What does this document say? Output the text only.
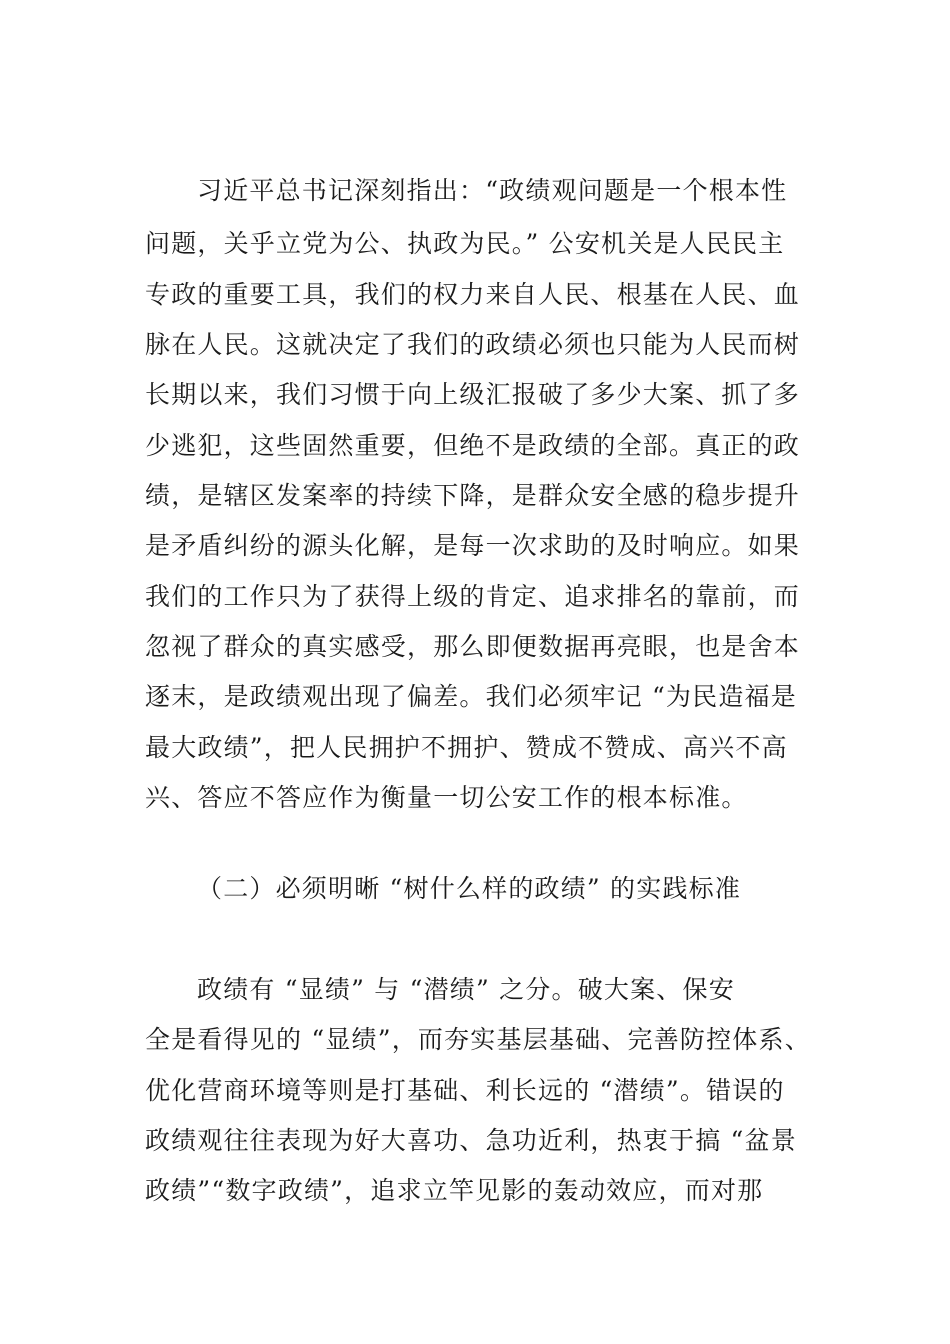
习近平总书记深刻指出：“政绩观问题是一个根本性

问题，关乎立党为公、执政为民。” 公安机关是人民民主

专政的重要工具，我们的权力来自人民、根基在人民、血

脉在人民。这就决定了我们的政绩必须也只能为人民而树

长期以来，我们习惯于向上级汇报破了多少大案、抓了多

少逃犯，这些固然重要，但绝不是政绩的全部。真正的政

绩，是辖区发案率的持续下降，是群众安全感的稳步提升

是矛盾纠纷的源头化解，是每一次求助的及时响应。如果

我们的工作只为了获得上级的肯定、追求排名的靠前，而

忽视了群众的真实感受，那么即便数据再亮眼，也是舍本

逐末，是政绩观出现了偏差。我们必须牢记 “为民造福是

最大政绩”，把人民拥护不拥护、赞成不赞成、高兴不高

兴、答应不答应作为衡量一切公安工作的根本标准。

（二）必须明晰 “树什么样的政绩” 的实践标准

政绩有 “显绩” 与 “潜绩” 之分。破大案、保安

全是看得见的 “显绩”，而夯实基层基础、完善防控体系、

优化营商环境等则是打基础、利长远的 “潜绩”。错误的

政绩观往往表现为好大喜功、急功近利，热衷于搞 “盆景

政绩”“数字政绩”，追求立竿见影的轰动效应，而对那
